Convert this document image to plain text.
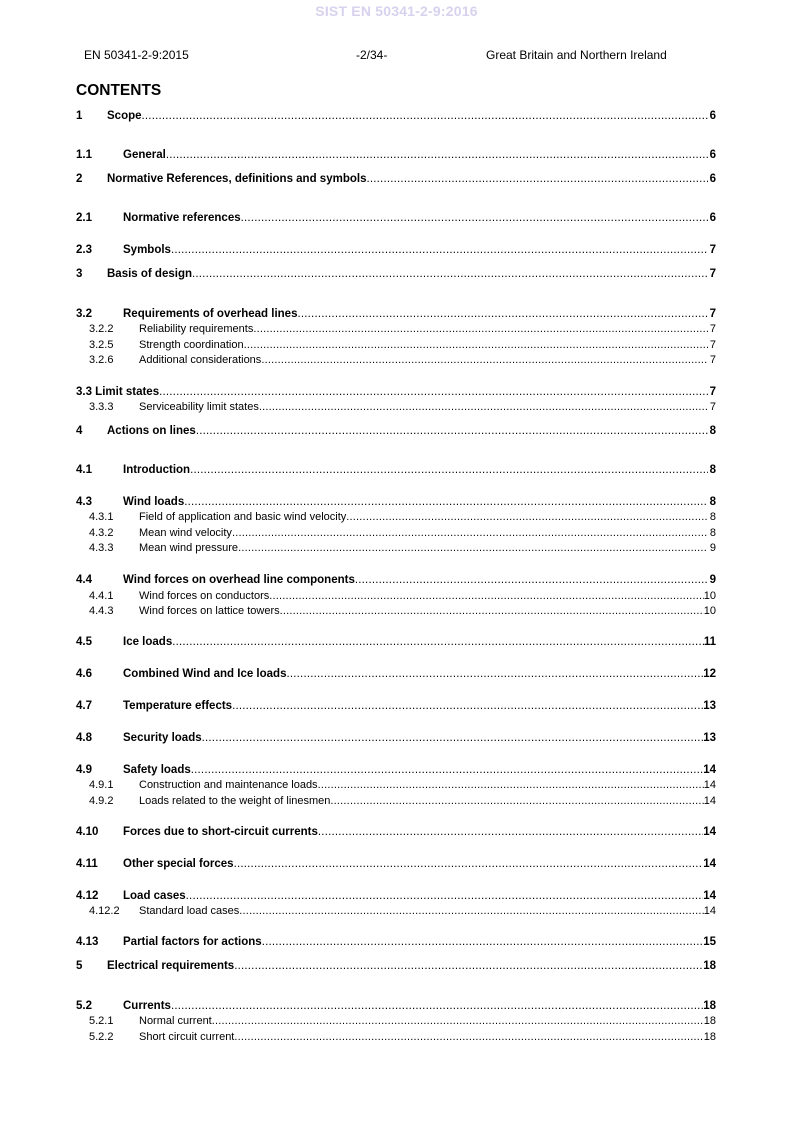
SIST EN 50341-2-9:2016
EN 50341-2-9:2015	-2/34-	Great Britain and Northern Ireland
CONTENTS
1	Scope .....	6
1.1	General .....	6
2	Normative References, definitions and symbols .....	6
2.1	Normative references .....	6
2.3	Symbols .....	7
3	Basis of design .....	7
3.2	Requirements of overhead lines .....	7
3.2.2	Reliability requirements .....	7
3.2.5	Strength coordination .....	7
3.2.6	Additional considerations .....	7
3.3 Limit states .....	7
3.3.3	Serviceability limit states .....	7
4	Actions on lines .....	8
4.1	Introduction .....	8
4.3	Wind loads .....	8
4.3.1	Field of application and basic wind velocity .....	8
4.3.2	Mean wind velocity .....	8
4.3.3	Mean wind pressure .....	9
4.4	Wind forces on overhead line components .....	9
4.4.1	Wind forces on conductors .....	10
4.4.3	Wind forces on lattice towers .....	10
4.5	Ice loads .....	11
4.6	Combined Wind and Ice loads .....	12
4.7	Temperature effects .....	13
4.8	Security loads .....	13
4.9	Safety loads .....	14
4.9.1	Construction and maintenance loads .....	14
4.9.2	Loads related to the weight of linesmen .....	14
4.10	Forces due to short-circuit currents .....	14
4.11	Other special forces .....	14
4.12	Load cases .....	14
4.12.2	Standard load cases .....	14
4.13	Partial factors for actions .....	15
5	Electrical requirements .....	18
5.2	Currents .....	18
5.2.1	Normal current .....	18
5.2.2	Short circuit current .....	18
